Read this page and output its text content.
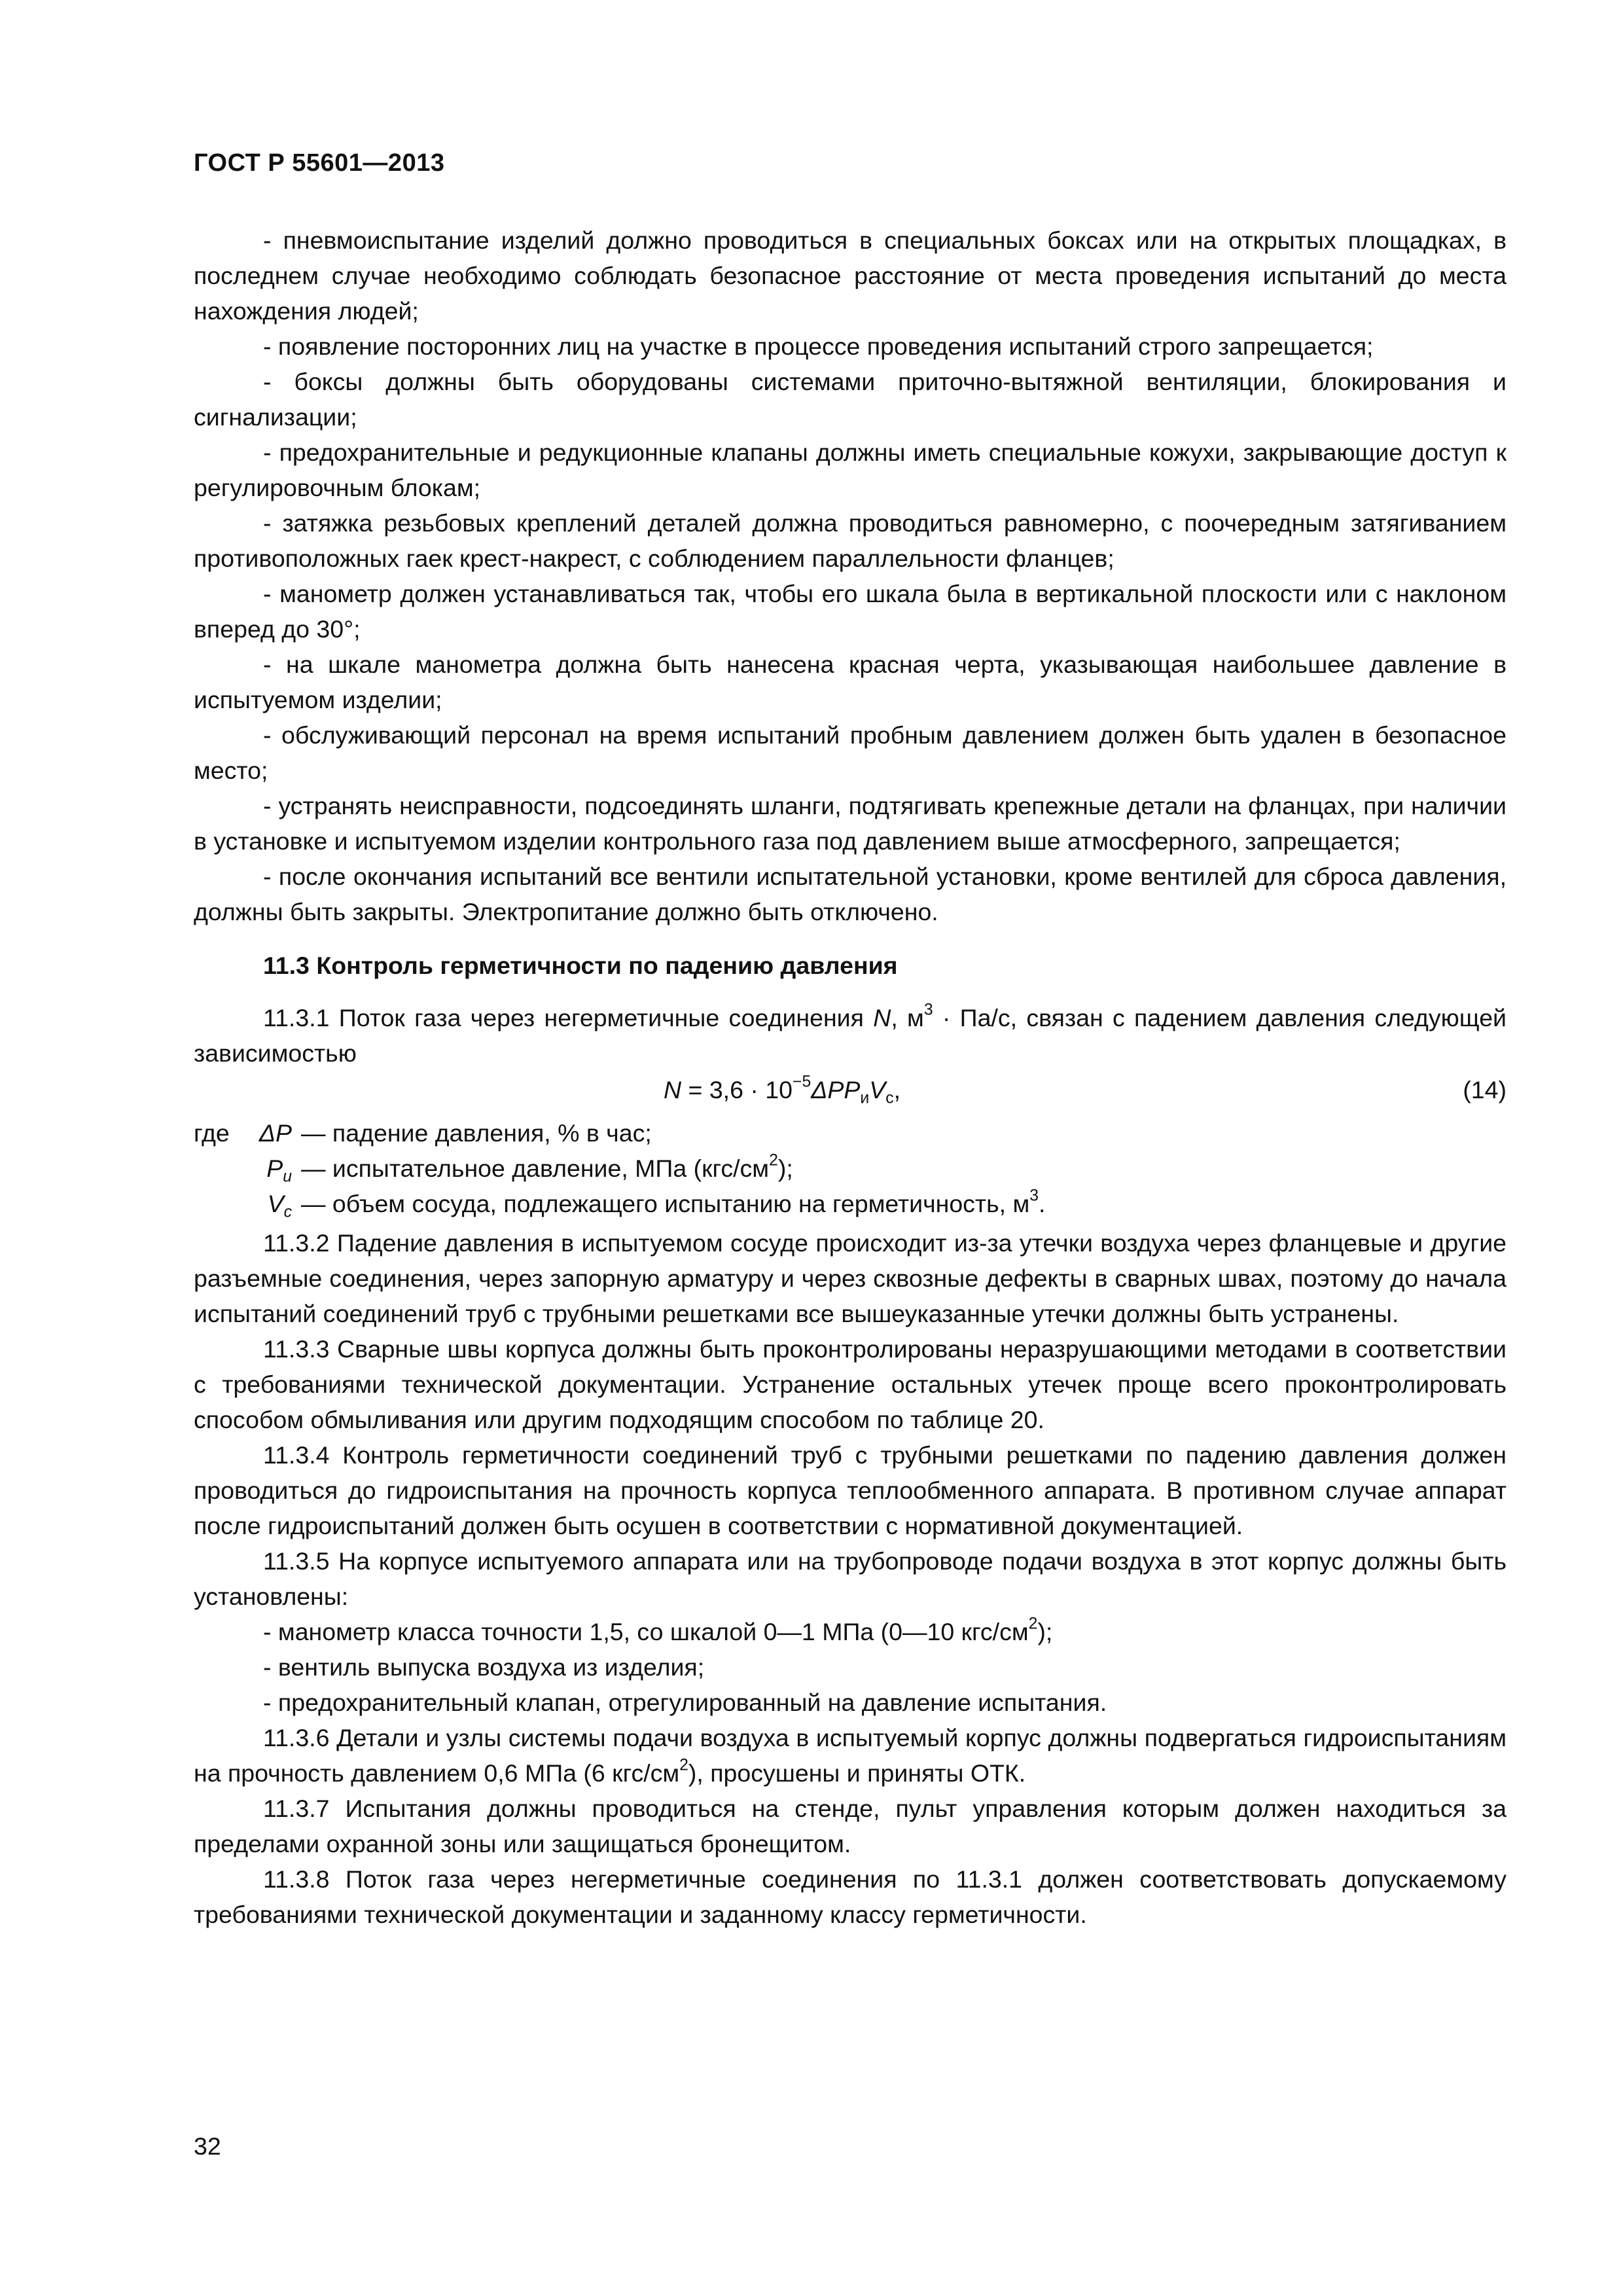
ГОСТ Р 55601—2013

- пневмоиспытание изделий должно проводиться в специальных боксах или на открытых площадках, в последнем случае необходимо соблюдать безопасное расстояние от места проведения испытаний до места нахождения людей;

- появление посторонних лиц на участке в процессе проведения испытаний строго запрещается;

- боксы должны быть оборудованы системами приточно-вытяжной вентиляции, блокирования и сигнализации;

- предохранительные и редукционные клапаны должны иметь специальные кожухи, закрывающие доступ к регулировочным блокам;

- затяжка резьбовых креплений деталей должна проводиться равномерно, с поочередным затягиванием противоположных гаек крест-накрест, с соблюдением параллельности фланцев;

- манометр должен устанавливаться так, чтобы его шкала была в вертикальной плоскости или с наклоном вперед до 30°;

- на шкале манометра должна быть нанесена красная черта, указывающая наибольшее давление в испытуемом изделии;

- обслуживающий персонал на время испытаний пробным давлением должен быть удален в безопасное место;

- устранять неисправности, подсоединять шланги, подтягивать крепежные детали на фланцах, при наличии в установке и испытуемом изделии контрольного газа под давлением выше атмосферного, запрещается;

- после окончания испытаний все вентили испытательной установки, кроме вентилей для сброса давления, должны быть закрыты. Электропитание должно быть отключено.

11.3 Контроль герметичности по падению давления

11.3.1 Поток газа через негерметичные соединения N, $м^3 \cdot Па/с$, связан с падением давления следующей зависимостью

$N = 3,6 \cdot 10^{-5}\Delta PP_иV_с$,	(14)
где	ΔP — падение давления, % в час;
$P_и$ — испытательное давление, МПа $(кгс/см^2)$;
$V_с$ — объем сосуда, подлежащего испытанию на герметичность, $м^3$.

11.3.2 Падение давления в испытуемом сосуде происходит из-за утечки воздуха через фланцевые и другие разъемные соединения, через запорную арматуру и через сквозные дефекты в сварных швах, поэтому до начала испытаний соединений труб с трубными решетками все вышеуказанные утечки должны быть устранены.

11.3.3 Сварные швы корпуса должны быть проконтролированы неразрушающими методами в соответствии с требованиями технической документации. Устранение остальных утечек проще всего проконтролировать способом обмыливания или другим подходящим способом по таблице 20.

11.3.4 Контроль герметичности соединений труб с трубными решетками по падению давления должен проводиться до гидроиспытания на прочность корпуса теплообменного аппарата. В противном случае аппарат после гидроиспытаний должен быть осушен в соответствии с нормативной документацией.

11.3.5 На корпусе испытуемого аппарата или на трубопроводе подачи воздуха в этот корпус должны быть установлены:

- манометр класса точности 1,5, со шкалой 0—1 МПа (0—10 кгс/$см^2$);

- вентиль выпуска воздуха из изделия;

- предохранительный клапан, отрегулированный на давление испытания.

11.3.6 Детали и узлы системы подачи воздуха в испытуемый корпус должны подвергаться гидроиспытаниям на прочность давлением 0,6 МПа (6 кгс/$см^2$), просушены и приняты ОТК.

11.3.7 Испытания должны проводиться на стенде, пульт управления которым должен находиться за пределами охранной зоны или защищаться бронещитом.

11.3.8 Поток газа через негерметичные соединения по 11.3.1 должен соответствовать допускаемому требованиями технической документации и заданному классу герметичности.

32
